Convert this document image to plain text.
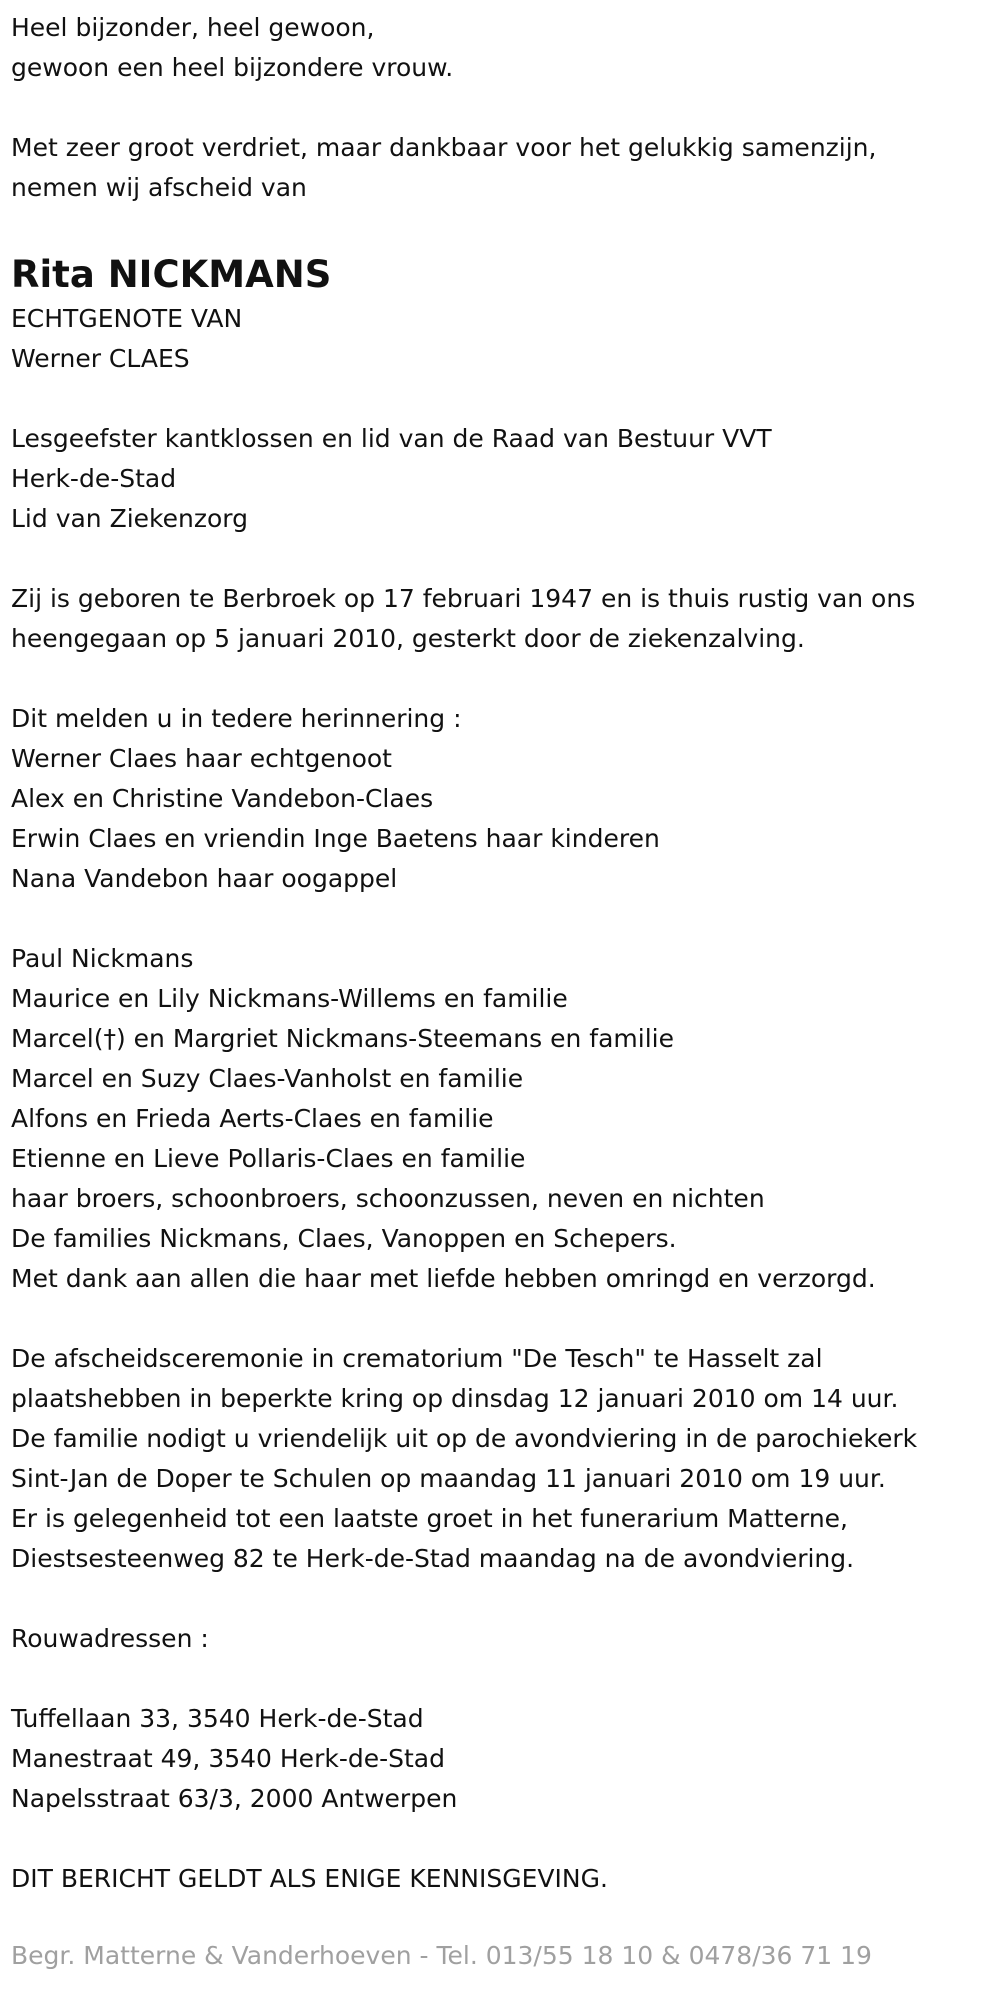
Heel bijzonder, heel gewoon,

gewoon een heel bijzondere vrouw.

Met zeer groot verdriet, maar dankbaar voor het gelukkig samenzijn,

nemen wij afscheid van

Rita NICKMANS

ECHTGENOTE VAN

Werner CLAES

Lesgeefster kantklossen en lid van de Raad van Bestuur VVT

Herk-de-Stad

Lid van Ziekenzorg

Zij is geboren te Berbroek op 17 februari 1947 en is thuis rustig van ons

heengegaan op 5 januari 2010, gesterkt door de ziekenzalving.

Dit melden u in tedere herinnering :

Werner Claes haar echtgenoot

Alex en Christine Vandebon-Claes

Erwin Claes en vriendin Inge Baetens haar kinderen

Nana Vandebon haar oogappel

Paul Nickmans

Maurice en Lily Nickmans-Willems en familie

Marcel(†) en Margriet Nickmans-Steemans en familie

Marcel en Suzy Claes-Vanholst en familie

Alfons en Frieda Aerts-Claes en familie

Etienne en Lieve Pollaris-Claes en familie

haar broers, schoonbroers, schoonzussen, neven en nichten

De families Nickmans, Claes, Vanoppen en Schepers.

Met dank aan allen die haar met liefde hebben omringd en verzorgd.

De afscheidsceremonie in crematorium "De Tesch" te Hasselt zal

plaatshebben in beperkte kring op dinsdag 12 januari 2010 om 14 uur.

De familie nodigt u vriendelijk uit op de avondviering in de parochiekerk

Sint-Jan de Doper te Schulen op maandag 11 januari 2010 om 19 uur.

Er is gelegenheid tot een laatste groet in het funerarium Matterne,

Diestsesteenweg 82 te Herk-de-Stad maandag na de avondviering.

Rouwadressen :

Tuffellaan 33, 3540 Herk-de-Stad

Manestraat 49, 3540 Herk-de-Stad

Napelsstraat 63/3, 2000 Antwerpen

DIT BERICHT GELDT ALS ENIGE KENNISGEVING.

Begr. Matterne & Vanderhoeven - Tel. 013/55 18 10 & 0478/36 71 19
